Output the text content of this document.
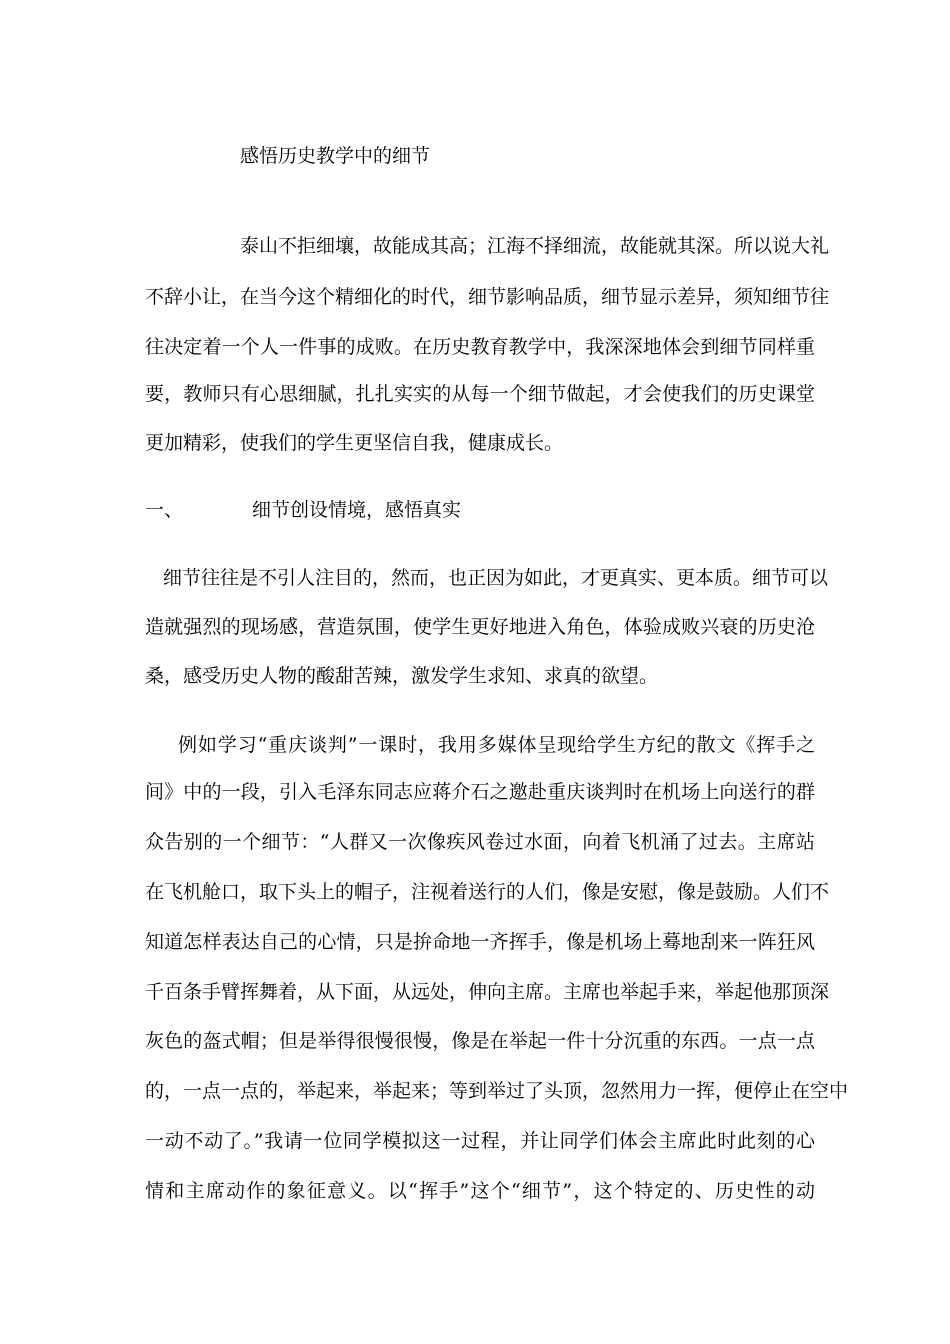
感悟历史教学中的细节
泰山不拒细壤，故能成其高；江海不择细流，故能就其深。所以说大礼
不辞小让，在当今这个精细化的时代，细节影响品质，细节显示差异，须知细节往
往决定着一个人一件事的成败。在历史教育教学中，我深深地体会到细节同样重
要，教师只有心思细腻，扎扎实实的从每一个细节做起，才会使我们的历史课堂
更加精彩，使我们的学生更坚信自我，健康成长。
一、	细节创设情境，感悟真实
细节往往是不引人注目的，然而，也正因为如此，才更真实、更本质。细节可以
造就强烈的现场感，营造氛围，使学生更好地进入角色，体验成败兴衰的历史沧
桑，感受历史人物的酸甜苦辣，激发学生求知、求真的欲望。
例如学习“重庆谈判”一课时，我用多媒体呈现给学生方纪的散文《挥手之
间》中的一段，引入毛泽东同志应蒋介石之邀赴重庆谈判时在机场上向送行的群
众告别的一个细节：“人群又一次像疾风卷过水面，向着飞机涌了过去。主席站
在飞机舱口，取下头上的帽子，注视着送行的人们，像是安慰，像是鼓励。人们不
知道怎样表达自己的心情，只是拚命地一齐挥手，像是机场上蓦地刮来一阵狂风
千百条手臂挥舞着，从下面，从远处，伸向主席。主席也举起手来，举起他那顶深
灰色的盔式帽；但是举得很慢很慢，像是在举起一件十分沉重的东西。一点一点
的，一点一点的，举起来，举起来；等到举过了头顶，忽然用力一挥，便停止在空中
一动不动了。”我请一位同学模拟这一过程，并让同学们体会主席此时此刻的心
情和主席动作的象征意义。以“挥手”这个“细节”，这个特定的、历史性的动
